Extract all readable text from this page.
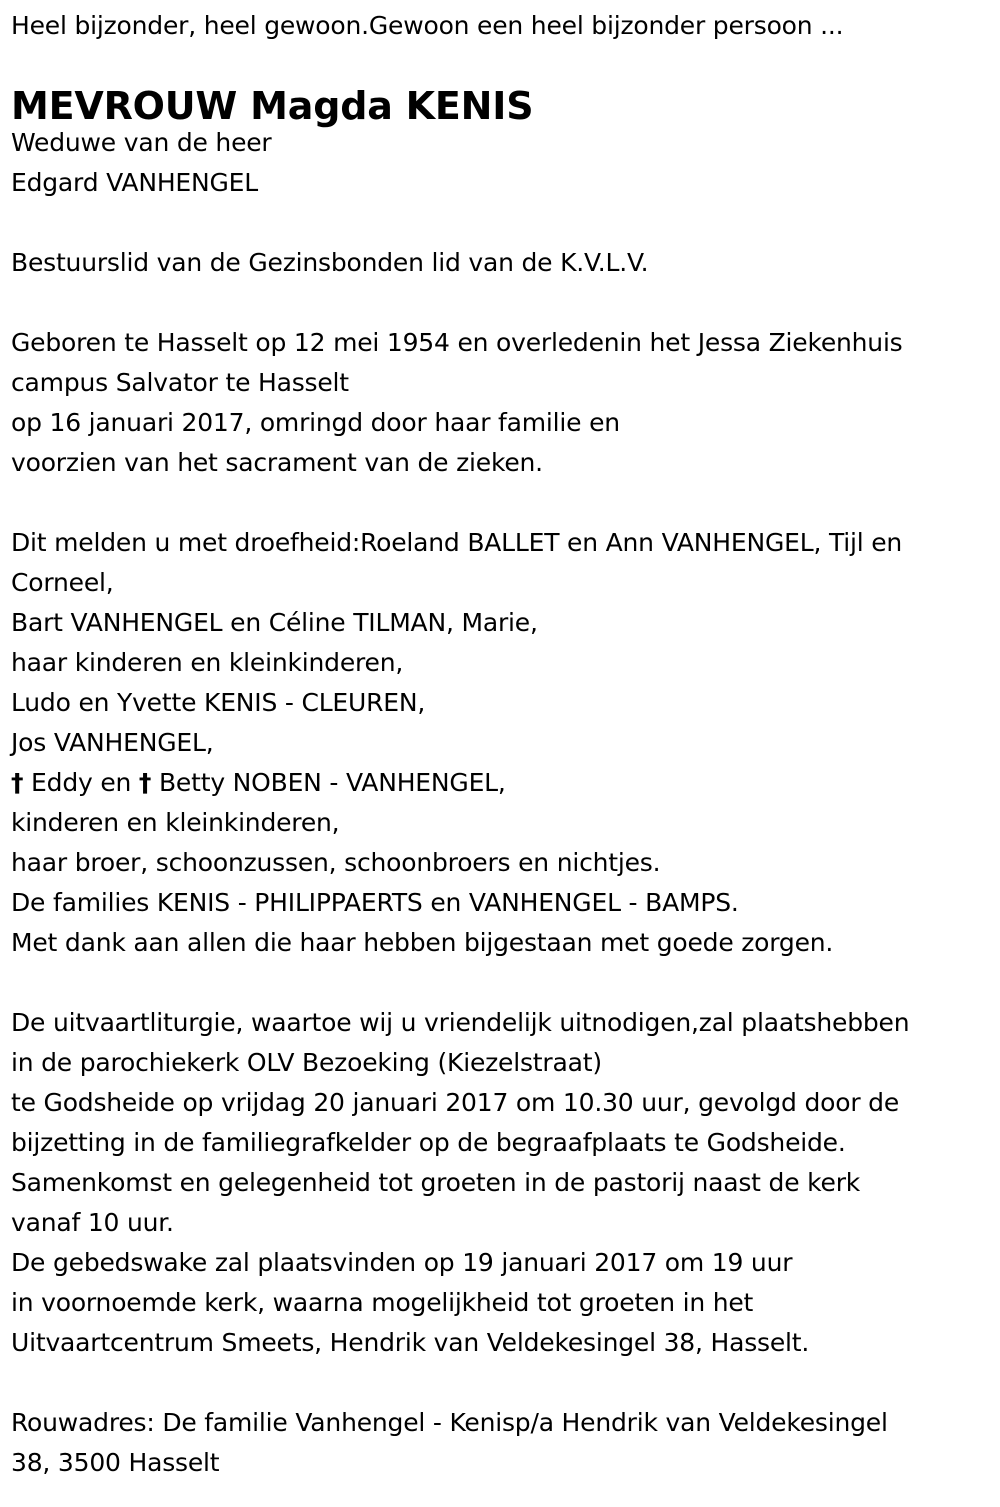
Heel bijzonder, heel gewoon.Gewoon een heel bijzonder persoon ...
MEVROUW Magda KENIS
Weduwe van de heer
Edgard VANHENGEL
Bestuurslid van de Gezinsbonden lid van de K.V.L.V.
Geboren te Hasselt op 12 mei 1954 en overledenin het Jessa Ziekenhuis
campus Salvator te Hasselt
op 16 januari 2017, omringd door haar familie en
voorzien van het sacrament van de zieken.
Dit melden u met droefheid:Roeland BALLET en Ann VANHENGEL, Tijl en
Corneel,
Bart VANHENGEL en Céline TILMAN, Marie,
haar kinderen en kleinkinderen,
Ludo en Yvette KENIS - CLEUREN,
Jos VANHENGEL,
† Eddy en † Betty NOBEN - VANHENGEL,
kinderen en kleinkinderen,
haar broer, schoonzussen, schoonbroers en nichtjes.
De families KENIS - PHILIPPAERTS en VANHENGEL - BAMPS.
Met dank aan allen die haar hebben bijgestaan met goede zorgen.
De uitvaartliturgie, waartoe wij u vriendelijk uitnodigen,zal plaatshebben
in de parochiekerk OLV Bezoeking (Kiezelstraat)
te Godsheide op vrijdag 20 januari 2017 om 10.30 uur, gevolgd door de
bijzetting in de familiegrafkelder op de begraafplaats te Godsheide.
Samenkomst en gelegenheid tot groeten in de pastorij naast de kerk
vanaf 10 uur.
De gebedswake zal plaatsvinden op 19 januari 2017 om 19 uur
in voornoemde kerk, waarna mogelijkheid tot groeten in het
Uitvaartcentrum Smeets, Hendrik van Veldekesingel 38, Hasselt.
Rouwadres: De familie Vanhengel - Kenisp/a Hendrik van Veldekesingel
38, 3500 Hasselt
